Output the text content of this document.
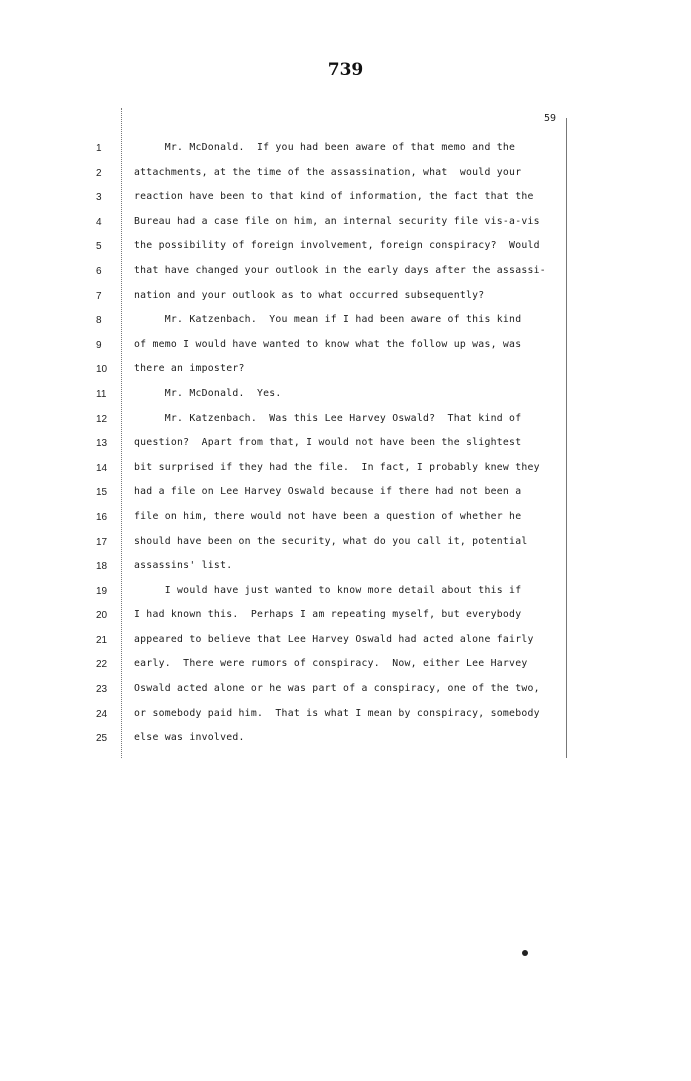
739
59
1	Mr. McDonald.  If you had been aware of that memo and the
2	attachments, at the time of the assassination, what  would your
3	reaction have been to that kind of information, the fact that the
4	Bureau had a case file on him, an internal security file vis-a-vis
5	the possibility of foreign involvement, foreign conspiracy?  Would
6	that have changed your outlook in the early days after the assassi-
7	nation and your outlook as to what occurred subsequently?
8	Mr. Katzenbach.  You mean if I had been aware of this kind
9	of memo I would have wanted to know what the follow up was, was
10	there an imposter?
11	Mr. McDonald.  Yes.
12	Mr. Katzenbach.  Was this Lee Harvey Oswald?  That kind of
13	question?  Apart from that, I would not have been the slightest
14	bit surprised if they had the file.  In fact, I probably knew they
15	had a file on Lee Harvey Oswald because if there had not been a
16	file on him, there would not have been a question of whether he
17	should have been on the security, what do you call it, potential
18	assassins' list.
19	I would have just wanted to know more detail about this if
20	I had known this.  Perhaps I am repeating myself, but everybody
21	appeared to believe that Lee Harvey Oswald had acted alone fairly
22	early.  There were rumors of conspiracy.  Now, either Lee Harvey
23	Oswald acted alone or he was part of a conspiracy, one of the two,
24	or somebody paid him.  That is what I mean by conspiracy, somebody
25	else was involved.
